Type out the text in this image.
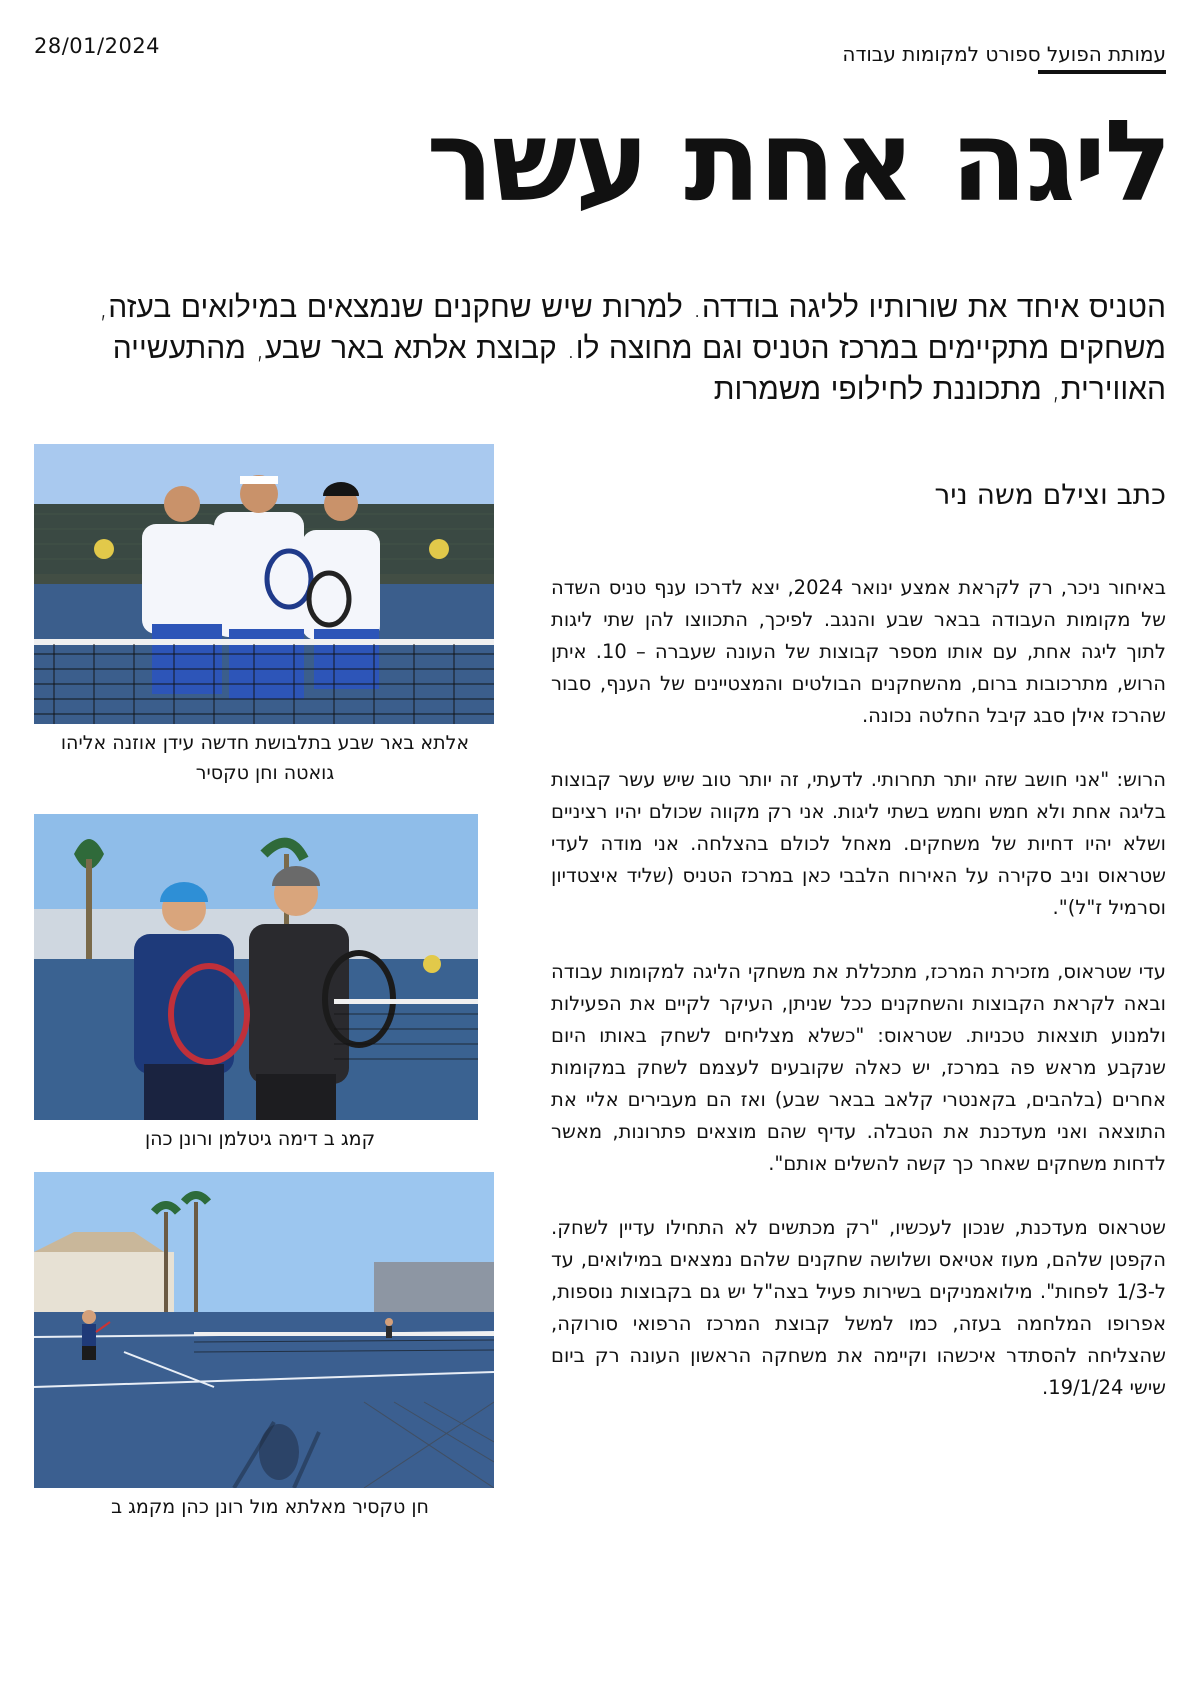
28/01/2024	עמותת הפועל ספורט למקומות עבודה
ליגה אחת עשר

הטניס איחד את שורותיו לליגה בודדה. למרות שיש שחקנים שנמצאים במילואים בעזה, משחקים מתקיימים במרכז הטניס וגם מחוצה לו. קבוצת אלתא באר שבע, מהתעשייה האווירית, מתכוננת לחילופי משמרות

כתב וצילם משה ניר

באיחור ניכר, רק לקראת אמצע ינואר 2024, יצא לדרכו ענף טניס השדה של מקומות העבודה בבאר שבע והנגב. לפיכך, התכווצו להן שתי ליגות לתוך ליגה אחת, עם אותו מספר קבוצות של העונה שעברה – 10. איתן הרוש, מתרכובות ברום, מהשחקנים הבולטים והמצטיינים של הענף, סבור שהרכז אילן סבג קיבל החלטה נכונה.

הרוש: "אני חושב שזה יותר תחרותי. לדעתי, זה יותר טוב שיש עשר קבוצות בליגה אחת ולא חמש וחמש בשתי ליגות. אני רק מקווה שכולם יהיו רציניים ושלא יהיו דחיות של משחקים. מאחל לכולם בהצלחה. אני מודה לעדי שטראוס וניב סקירה על האירוח הלבבי כאן במרכז הטניס (שליד איצטדיון וסרמיל ז"ל)".

עדי שטראוס, מזכירת המרכז, מתכללת את משחקי הליגה למקומות עבודה ובאה לקראת הקבוצות והשחקנים ככל שניתן, העיקר לקיים את הפעילות ולמנוע תוצאות טכניות. שטראוס: "כשלא מצליחים לשחק באותו היום שנקבע מראש פה במרכז, יש כאלה שקובעים לעצמם לשחק במקומות אחרים (בלהבים, בקאנטרי קלאב בבאר שבע) ואז הם מעבירים אליי את התוצאה ואני מעדכנת את הטבלה. עדיף שהם מוצאים פתרונות, מאשר לדחות משחקים שאחר כך קשה להשלים אותם".

שטראוס מעדכנת, שנכון לעכשיו, "רק מכתשים לא התחילו עדיין לשחק. הקפטן שלהם, מעוז אטיאס ושלושה שחקנים שלהם נמצאים במילואים, עד ל-1/3 לפחות". מילואמניקים בשירות פעיל בצה"ל יש גם בקבוצות נוספות, אפרופו המלחמה בעזה, כמו למשל קבוצת המרכז הרפואי סורוקה, שהצליחה להסתדר איכשהו וקיימה את משחקה הראשון העונה רק ביום שישי 19/1/24.

אלתא באר שבע בתלבושת חדשה עידן אוזנה אליהו גואטה וחן טקסיר
קמג ב דימה גיטלמן ורונן כהן
חן טקסיר מאלתא מול רונן כהן מקמג ב
